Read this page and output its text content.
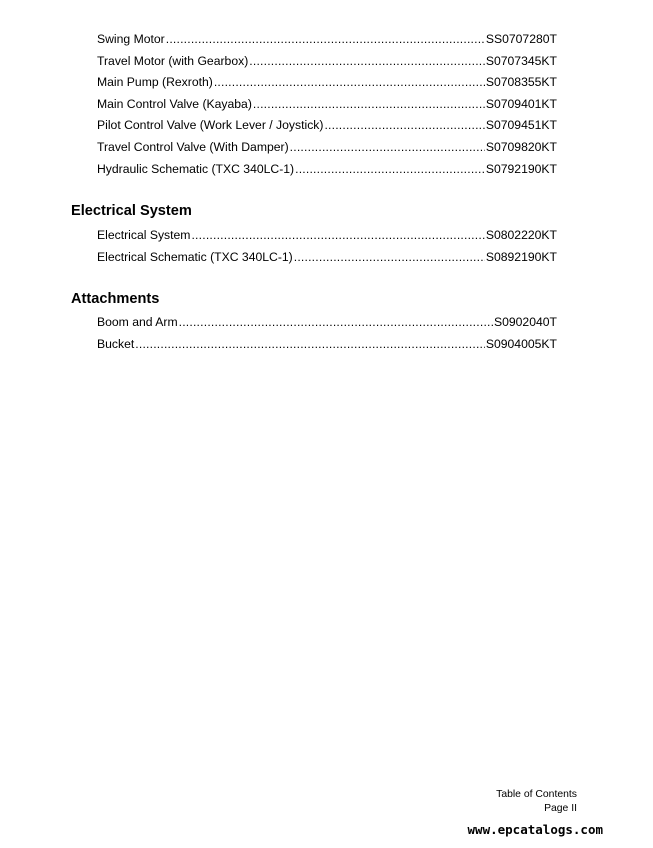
Swing Motor .....	SS0707280T
Travel Motor (with Gearbox) .....	S0707345KT
Main Pump (Rexroth) .....	S0708355KT
Main Control Valve (Kayaba) .....	S0709401KT
Pilot Control Valve (Work Lever / Joystick) .....	S0709451KT
Travel Control Valve (With Damper) .....	S0709820KT
Hydraulic Schematic (TXC 340LC-1) .....	S0792190KT
Electrical System
Electrical System .....	S0802220KT
Electrical Schematic (TXC 340LC-1) .....	S0892190KT
Attachments
Boom and Arm .....	S0902040T
Bucket .....	S0904005KT
Table of Contents
Page II
www.epcatalogs.com
